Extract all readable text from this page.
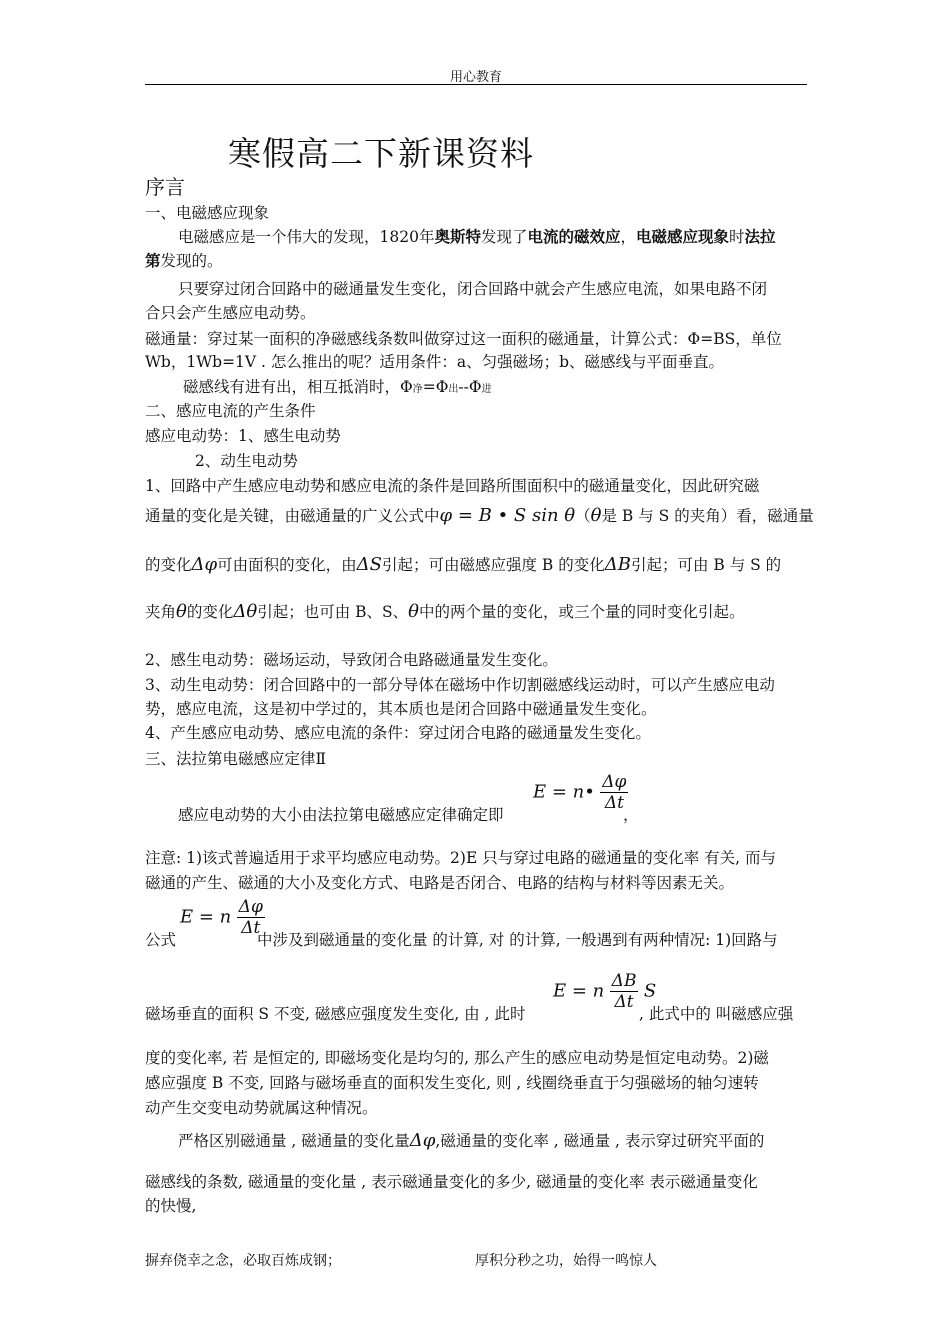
用心教育
寒假高二下新课资料
序言
一、电磁感应现象
电磁感应是一个伟大的发现，1820年奥斯特发现了电流的磁效应，电磁感应现象时法拉
第发现的。
只要穿过闭合回路中的磁通量发生变化，闭合回路中就会产生感应电流，如果电路不闭
合只会产生感应电动势。
磁通量：穿过某一面积的净磁感线条数叫做穿过这一面积的磁通量，计算公式：Φ=BS，单位
Wb，1Wb=1V . 怎么推出的呢？适用条件：a、匀强磁场；b、磁感线与平面垂直。
磁感线有进有出，相互抵消时，Φ净=Φ出--Φ进
二、感应电流的产生条件
感应电动势：1、感生电动势
2、动生电动势
1、回路中产生感应电动势和感应电流的条件是回路所围面积中的磁通量变化，因此研究磁
通量的变化是关键，由磁通量的广义公式中φ = B • S sin θ（θ是 B 与 S 的夹角）看，磁通量
的变化Δφ可由面积的变化，由ΔS引起；可由磁感应强度 B 的变化ΔB引起；可由 B 与 S 的
夹角θ的变化Δθ引起；也可由 B、S、θ中的两个量的变化，或三个量的同时变化引起。
2、感生电动势：磁场运动，导致闭合电路磁通量发生变化。
3、动生电动势：闭合回路中的一部分导体在磁场中作切割磁感线运动时，可以产生感应电动
势，感应电流，这是初中学过的，其本质也是闭合回路中磁通量发生变化。
4、产生感应电动势、感应电流的条件：穿过闭合电路的磁通量发生变化。
三、法拉第电磁感应定律Ⅱ
E = n• $\frac{\Delta\varphi}{\Delta t}$
感应电动势的大小由法拉第电磁感应定律确定即	，
注意: 1)该式普遍适用于求平均感应电动势。2)E 只与穿过电路的磁通量的变化率 有关, 而与
磁通的产生、磁通的大小及变化方式、电路是否闭合、电路的结构与材料等因素无关。
E = n $\frac{\Delta\varphi}{\Delta t}$
公式	中涉及到磁通量的变化量 的计算, 对 的计算, 一般遇到有两种情况: 1)回路与
E = n $\frac{\Delta B}{\Delta t}$ S
磁场垂直的面积 S 不变, 磁感应强度发生变化, 由 , 此时	, 此式中的 叫磁感应强
度的变化率, 若 是恒定的, 即磁场变化是均匀的, 那么产生的感应电动势是恒定电动势。2)磁
感应强度 B 不变, 回路与磁场垂直的面积发生变化, 则 , 线圈绕垂直于匀强磁场的轴匀速转
动产生交变电动势就属这种情况。
严格区别磁通量 , 磁通量的变化量Δφ,磁通量的变化率 , 磁通量 , 表示穿过研究平面的
磁感线的条数, 磁通量的变化量 , 表示磁通量变化的多少, 磁通量的变化率 表示磁通量变化
的快慢,
摒弃侥幸之念，必取百炼成钢；	厚积分秒之功，始得一鸣惊人
